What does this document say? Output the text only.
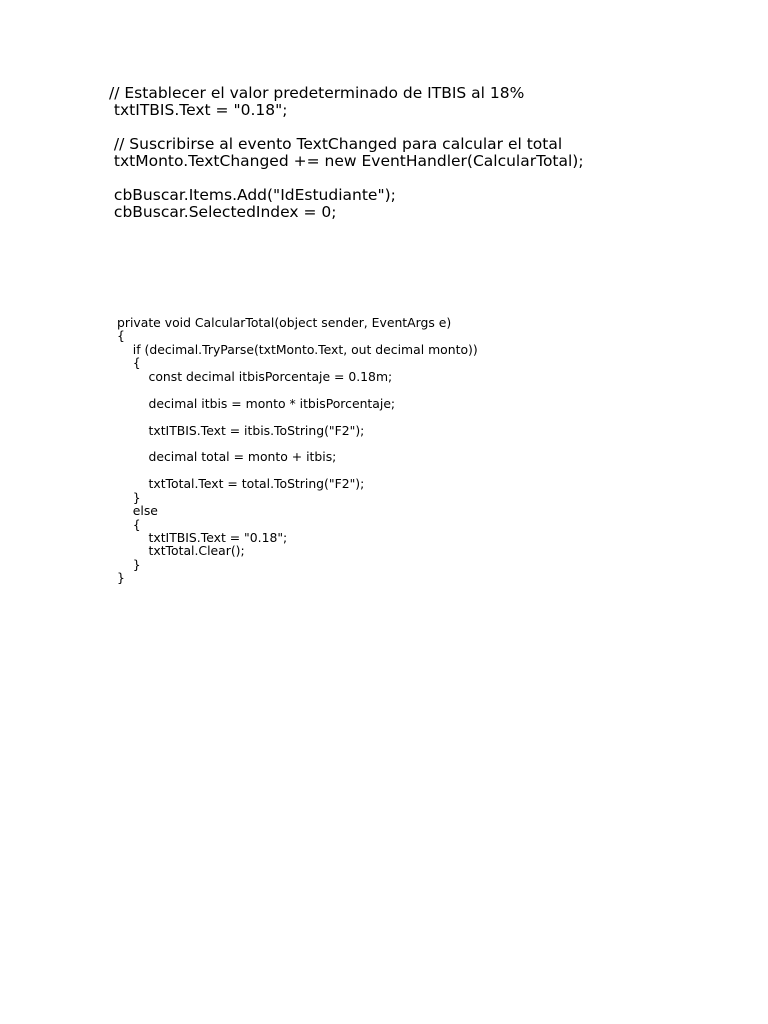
// Establecer el valor predeterminado de ITBIS al 18%
txtITBIS.Text = "0.18";
// Suscribirse al evento TextChanged para calcular el total
txtMonto.TextChanged += new EventHandler(CalcularTotal);
cbBuscar.Items.Add("IdEstudiante");
cbBuscar.SelectedIndex = 0;
private void CalcularTotal(object sender, EventArgs e)
{
if (decimal.TryParse(txtMonto.Text, out decimal monto))
{
const decimal itbisPorcentaje = 0.18m;
decimal itbis = monto * itbisPorcentaje;
txtITBIS.Text = itbis.ToString("F2");
decimal total = monto + itbis;
txtTotal.Text = total.ToString("F2");
}
else
{
txtITBIS.Text = "0.18";
txtTotal.Clear();
}
}
